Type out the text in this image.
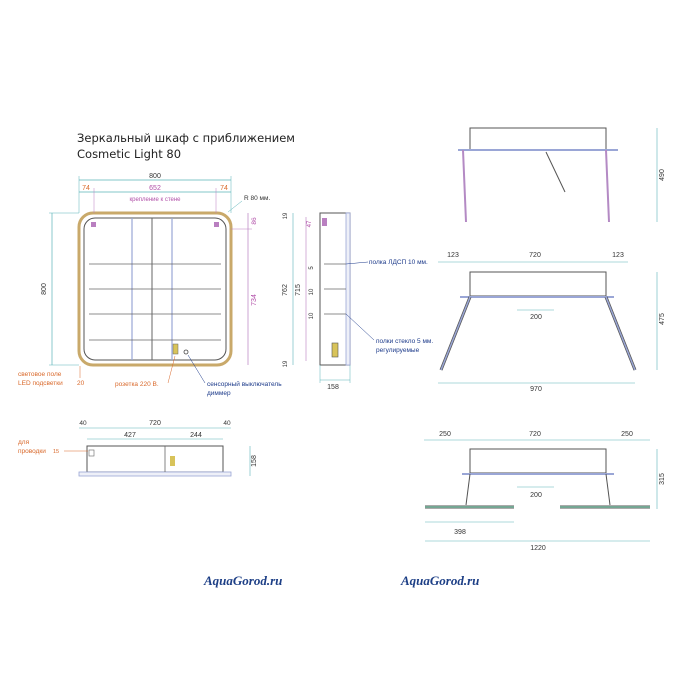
Зеркальный шкаф с приближением
Cosmetic Light 80
800
74	652	74
крепление к стене	R 80 мм.
800
86
734
световое поле
LED подсветки 20	розетка 220 В.	сенсорный выключатель
диммер
19
47
762 715
5
10
10
19
158
полка ЛДСП 10 мм.
полки стекло 5 мм.
регулируемые
40	720	40
427	244
158
для
проводки 15
490
123	720	123
200	475
970
250	720	250
200
315
398
1220
AquaGorod.ru	AquaGorod.ru
